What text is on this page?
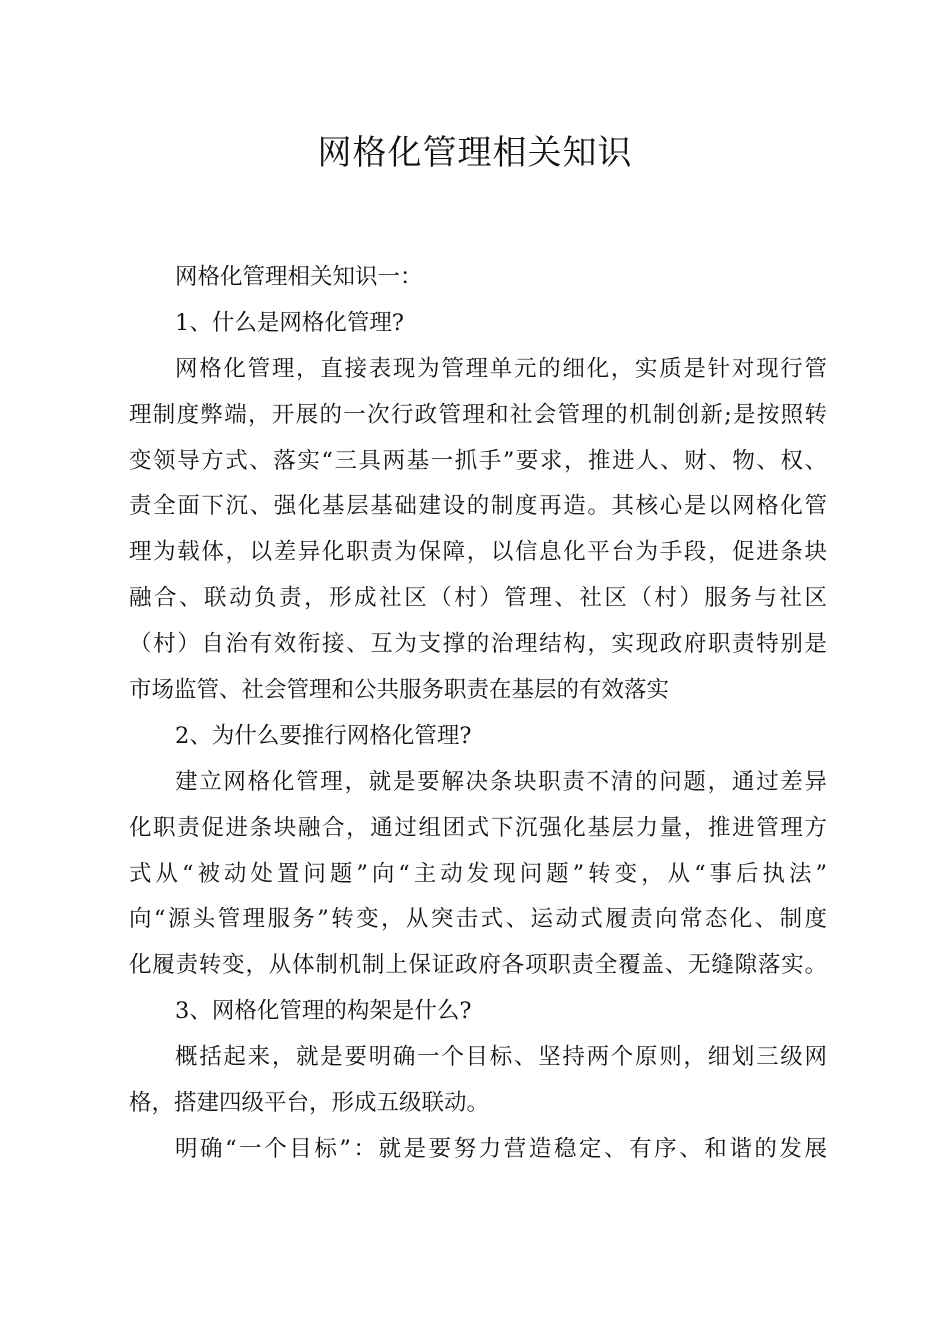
网格化管理相关知识
网格化管理相关知识一：
1、什么是网格化管理?
网格化管理，直接表现为管理单元的细化，实质是针对现行管
理制度弊端，开展的一次行政管理和社会管理的机制创新;是按照转
变领导方式、落实“三具两基一抓手”要求，推进人、财、物、权、
责全面下沉、强化基层基础建设的制度再造。其核心是以网格化管
理为载体，以差异化职责为保障，以信息化平台为手段，促进条块
融合、联动负责，形成社区（村）管理、社区（村）服务与社区
（村）自治有效衔接、互为支撑的治理结构，实现政府职责特别是
市场监管、社会管理和公共服务职责在基层的有效落实
2、为什么要推行网格化管理?
建立网格化管理，就是要解决条块职责不清的问题，通过差异
化职责促进条块融合，通过组团式下沉强化基层力量，推进管理方
式从“被动处置问题”向“主动发现问题”转变，从“事后执法”
向“源头管理服务”转变，从突击式、运动式履责向常态化、制度
化履责转变，从体制机制上保证政府各项职责全覆盖、无缝隙落实。
3、网格化管理的构架是什么?
概括起来，就是要明确一个目标、坚持两个原则，细划三级网
格，搭建四级平台，形成五级联动。
明确“一个目标”：就是要努力营造稳定、有序、和谐的发展
